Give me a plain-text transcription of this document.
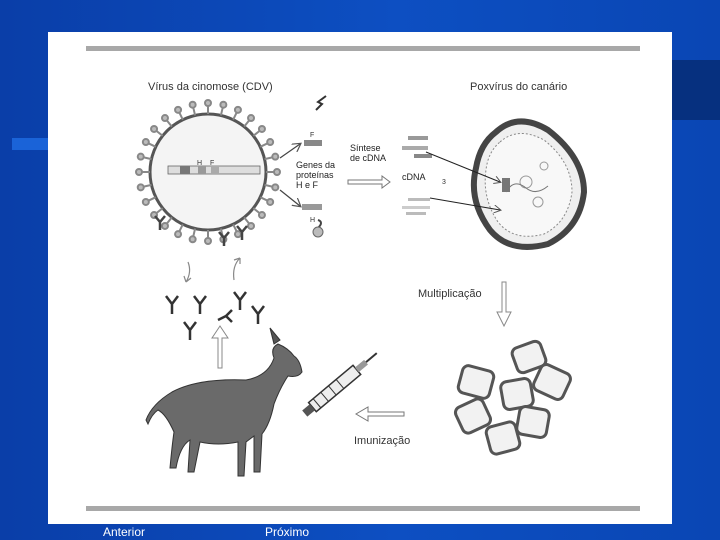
Vírus da cinomose (CDV)	Poxvírus do canário
H F
F
H
Genes da
proteínas
H e F
Síntese
de cDNA
cDNA
3
Multiplicação
Imunização
Anterior	Próximo
